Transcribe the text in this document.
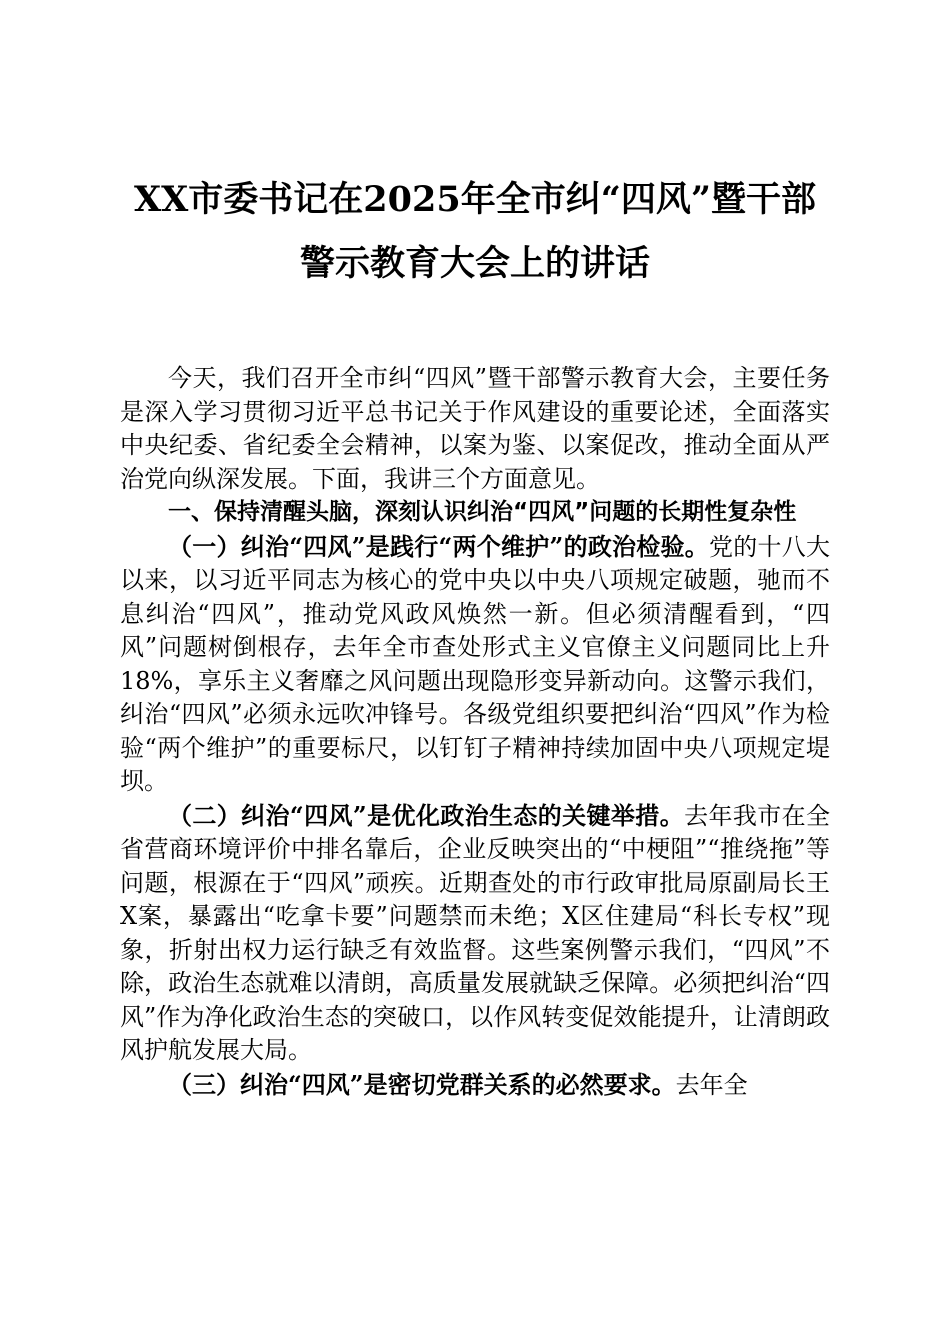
XX市委书记在2025年全市纠“四风”暨干部
警示教育大会上的讲话

今天，我们召开全市纠“四风”暨干部警示教育大会，主要任务是深入学习贯彻习近平总书记关于作风建设的重要论述，全面落实中央纪委、省纪委全会精神，以案为鉴、以案促改，推动全面从严治党向纵深发展。下面，我讲三个方面意见。

一、保持清醒头脑，深刻认识纠治“四风”问题的长期性复杂性

（一）纠治“四风”是践行“两个维护”的政治检验。党的十八大以来，以习近平同志为核心的党中央以中央八项规定破题，驰而不息纠治“四风”，推动党风政风焕然一新。但必须清醒看到，“四风”问题树倒根存，去年全市查处形式主义官僚主义问题同比上升18%，享乐主义奢靡之风问题出现隐形变异新动向。这警示我们，纠治“四风”必须永远吹冲锋号。各级党组织要把纠治“四风”作为检验“两个维护”的重要标尺，以钉钉子精神持续加固中央八项规定堤坝。

（二）纠治“四风”是优化政治生态的关键举措。去年我市在全省营商环境评价中排名靠后，企业反映突出的“中梗阻”“推绕拖”等问题，根源在于“四风”顽疾。近期查处的市行政审批局原副局长王X案，暴露出“吃拿卡要”问题禁而未绝；X区住建局“科长专权”现象，折射出权力运行缺乏有效监督。这些案例警示我们，“四风”不除，政治生态就难以清朗，高质量发展就缺乏保障。必须把纠治“四风”作为净化政治生态的突破口，以作风转变促效能提升，让清朗政风护航发展大局。

（三）纠治“四风”是密切党群关系的必然要求。去年全
